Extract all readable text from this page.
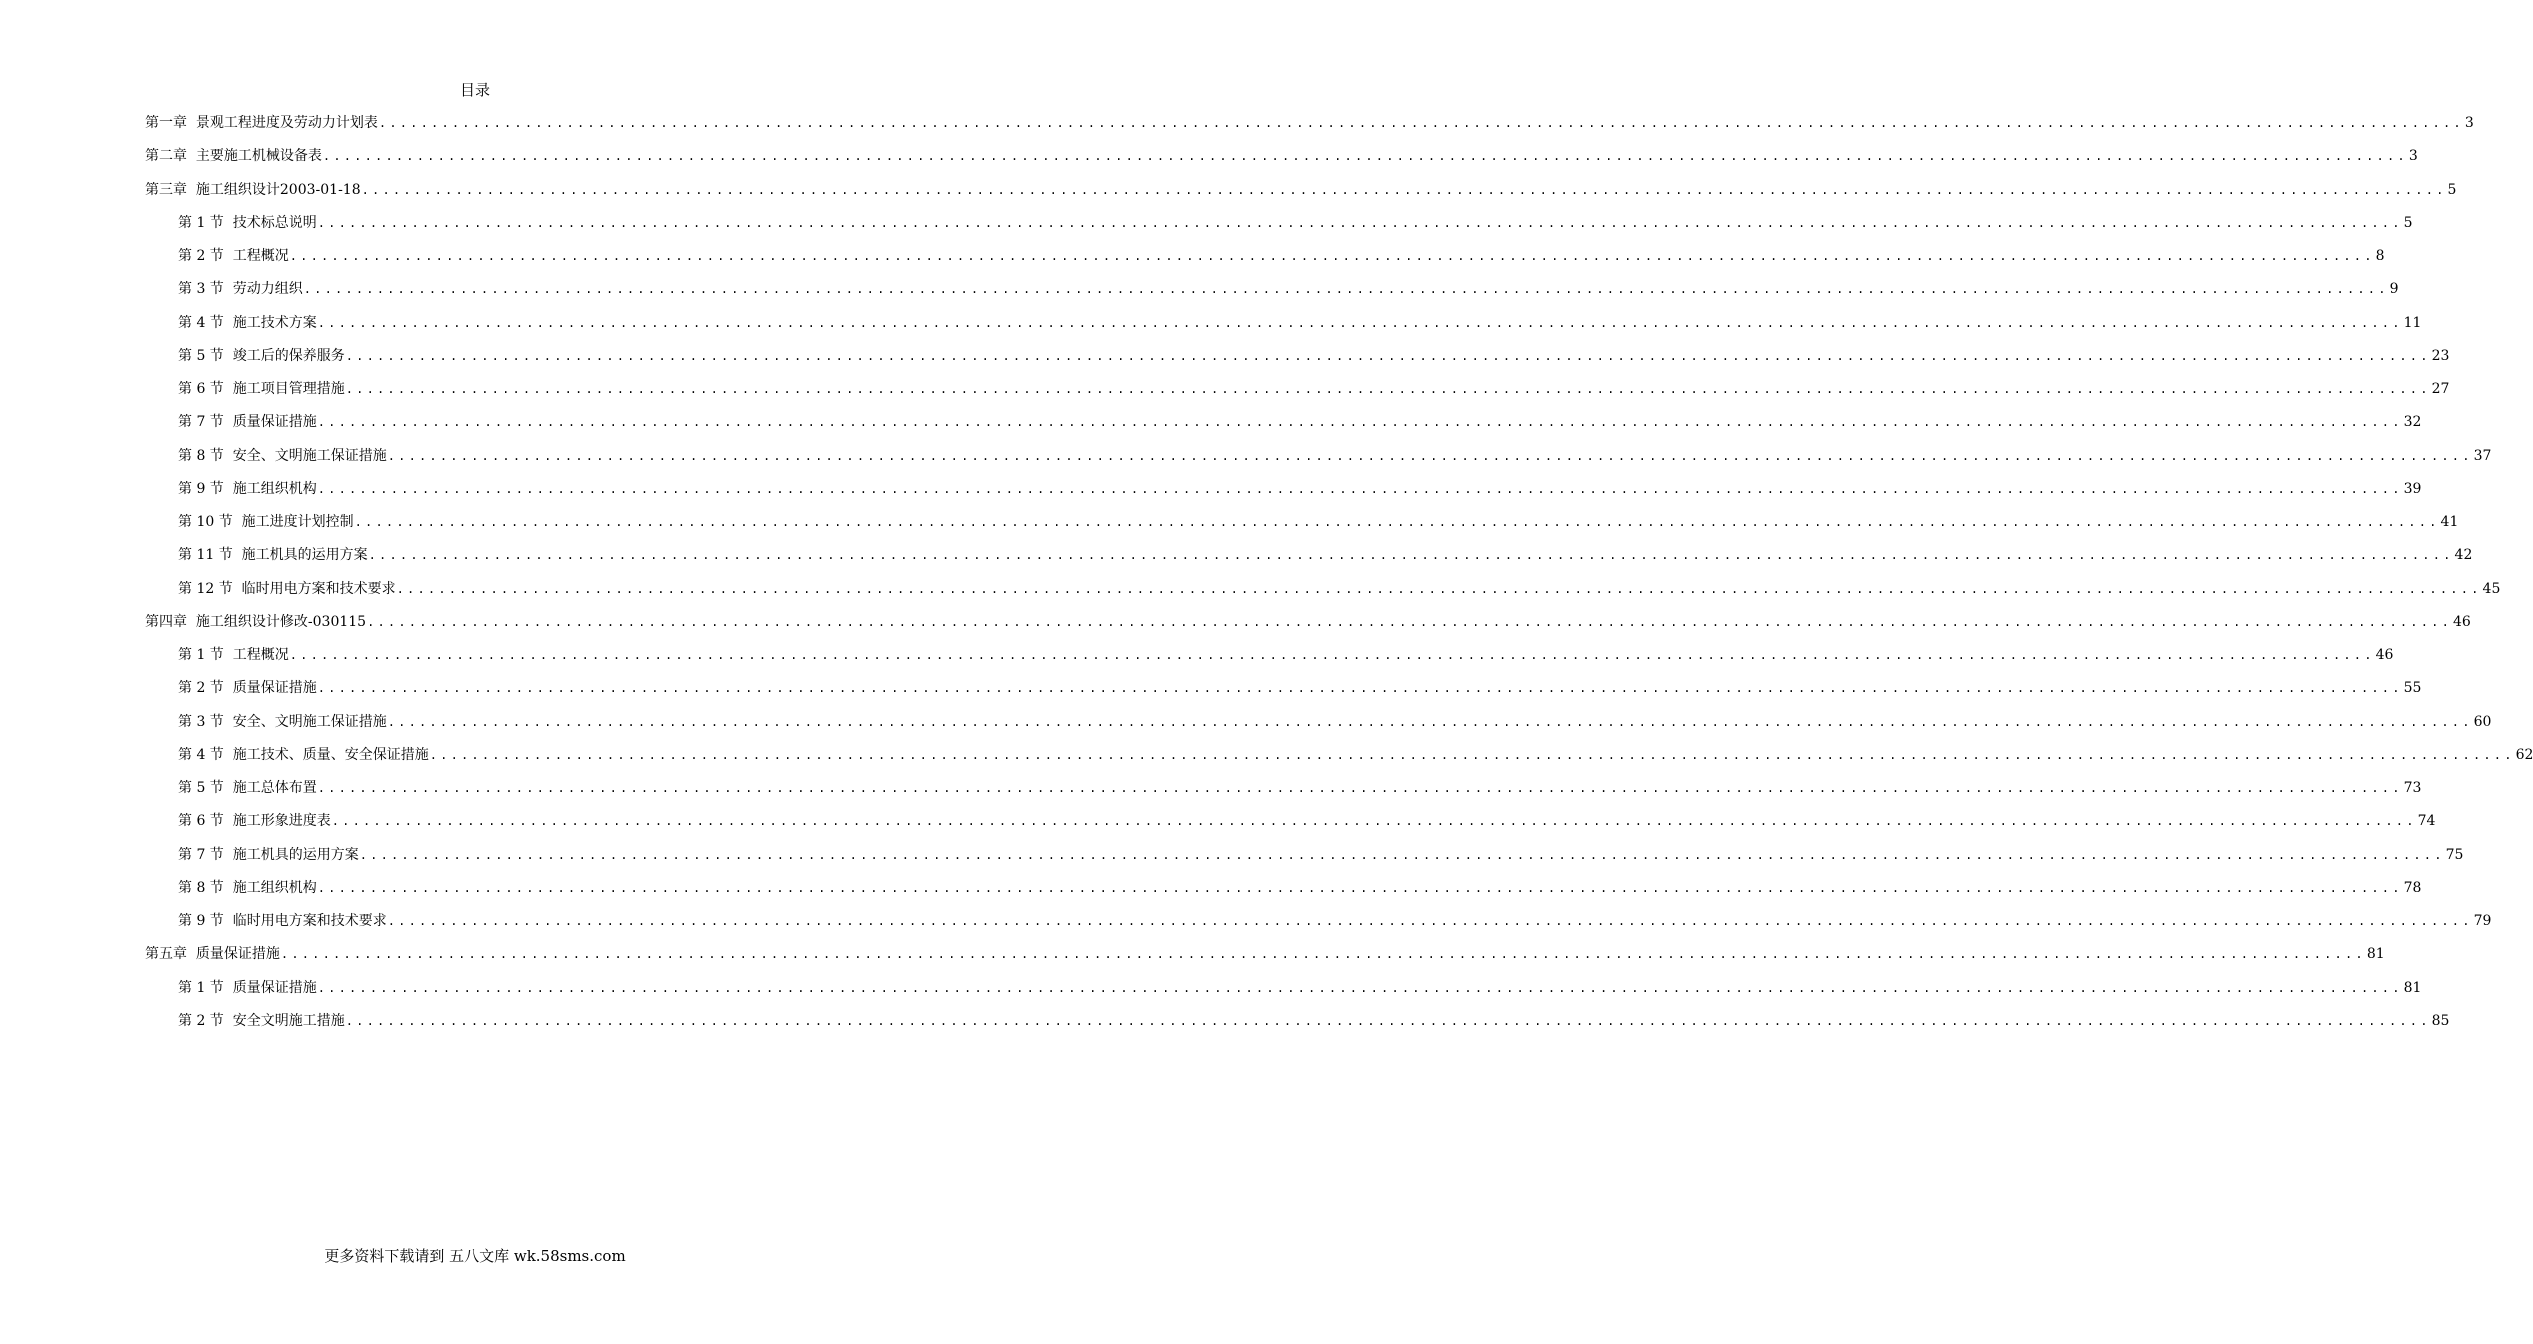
目录
第一章  景观工程进度及劳动力计划表 ........................................................................................................................................................................................................ 3
第二章  主要施工机械设备表 ........................................................................................................................................................................................................ 3
第三章  施工组织设计2003-01-18 ........................................................................................................................................................................................................ 5
第 1 节  技术标总说明 ........................................................................................................................................................................................................ 5
第 2 节  工程概况 ........................................................................................................................................................................................................ 8
第 3 节  劳动力组织 ........................................................................................................................................................................................................ 9
第 4 节  施工技术方案 ........................................................................................................................................................................................................ 11
第 5 节  竣工后的保养服务 ........................................................................................................................................................................................................ 23
第 6 节  施工项目管理措施 ........................................................................................................................................................................................................ 27
第 7 节  质量保证措施 ........................................................................................................................................................................................................ 32
第 8 节  安全、文明施工保证措施 ........................................................................................................................................................................................................ 37
第 9 节  施工组织机构 ........................................................................................................................................................................................................ 39
第 10 节  施工进度计划控制 ........................................................................................................................................................................................................ 41
第 11 节  施工机具的运用方案 ........................................................................................................................................................................................................ 42
第 12 节  临时用电方案和技术要求 ........................................................................................................................................................................................................ 45
第四章  施工组织设计修改-030115 ........................................................................................................................................................................................................ 46
第 1 节  工程概况 ........................................................................................................................................................................................................ 46
第 2 节  质量保证措施 ........................................................................................................................................................................................................ 55
第 3 节  安全、文明施工保证措施 ........................................................................................................................................................................................................ 60
第 4 节  施工技术、质量、安全保证措施 ........................................................................................................................................................................................................ 62
第 5 节  施工总体布置 ........................................................................................................................................................................................................ 73
第 6 节  施工形象进度表 ........................................................................................................................................................................................................ 74
第 7 节  施工机具的运用方案 ........................................................................................................................................................................................................ 75
第 8 节  施工组织机构 ........................................................................................................................................................................................................ 78
第 9 节  临时用电方案和技术要求 ........................................................................................................................................................................................................ 79
第五章  质量保证措施 ........................................................................................................................................................................................................ 81
第 1 节  质量保证措施 ........................................................................................................................................................................................................ 81
第 2 节  安全文明施工措施 ........................................................................................................................................................................................................ 85
更多资料下载请到 五八文库 wk.58sms.com
